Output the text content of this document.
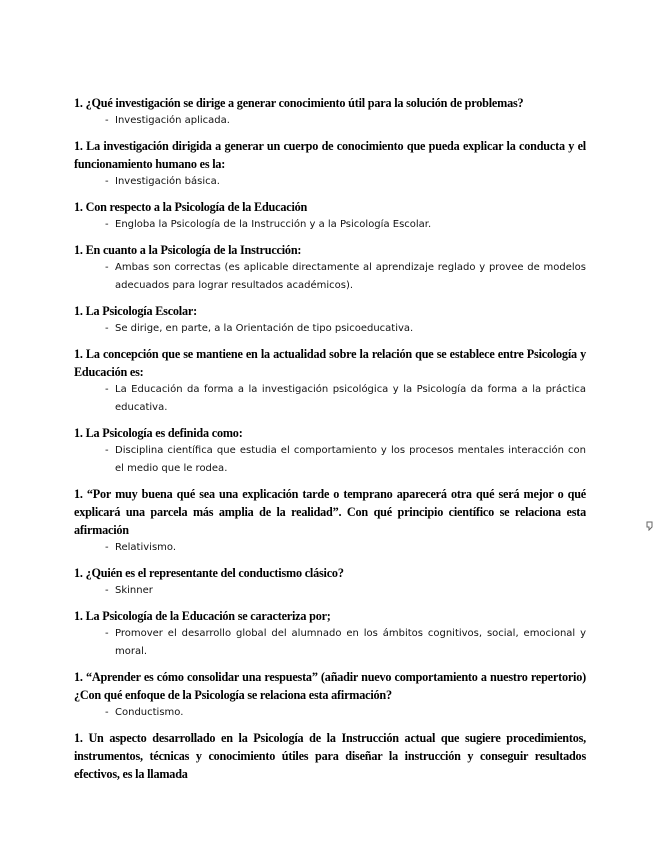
1. ¿Qué investigación se dirige a generar conocimiento útil para la solución de problemas?
- Investigación aplicada.
1. La investigación dirigida a generar un cuerpo de conocimiento que pueda explicar la conducta y el funcionamiento humano es la:
- Investigación básica.
1. Con respecto a la Psicología de la Educación
- Engloba la Psicología de la Instrucción y a la Psicología Escolar.
1. En cuanto a la Psicología de la Instrucción:
- Ambas son correctas (es aplicable directamente al aprendizaje reglado y provee de modelos adecuados para lograr resultados académicos).
1. La Psicología Escolar:
- Se dirige, en parte, a la Orientación de tipo psicoeducativa.
1. La concepción que se mantiene en la actualidad sobre la relación que se establece entre Psicología y Educación es:
- La Educación da forma a la investigación psicológica y la Psicología da forma a la práctica educativa.
1. La Psicología es definida como:
- Disciplina científica que estudia el comportamiento y los procesos mentales interacción con el medio que le rodea.
1. “Por muy buena qué sea una explicación tarde o temprano aparecerá otra qué será mejor o qué explicará una parcela más amplia de la realidad”. Con qué principio científico se relaciona esta afirmación
- Relativismo.
1. ¿Quién es el representante del conductismo clásico?
- Skinner
1. La Psicología de la Educación se caracteriza por;
- Promover el desarrollo global del alumnado en los ámbitos cognitivos, social, emocional y moral.
1. “Aprender es cómo consolidar una respuesta” (añadir nuevo comportamiento a nuestro repertorio) ¿Con qué enfoque de la Psicología se relaciona esta afirmación?
- Conductismo.
1. Un aspecto desarrollado en la Psicología de la Instrucción actual que sugiere procedimientos, instrumentos, técnicas y conocimiento útiles para diseñar la instrucción y conseguir resultados efectivos, es la llamada
